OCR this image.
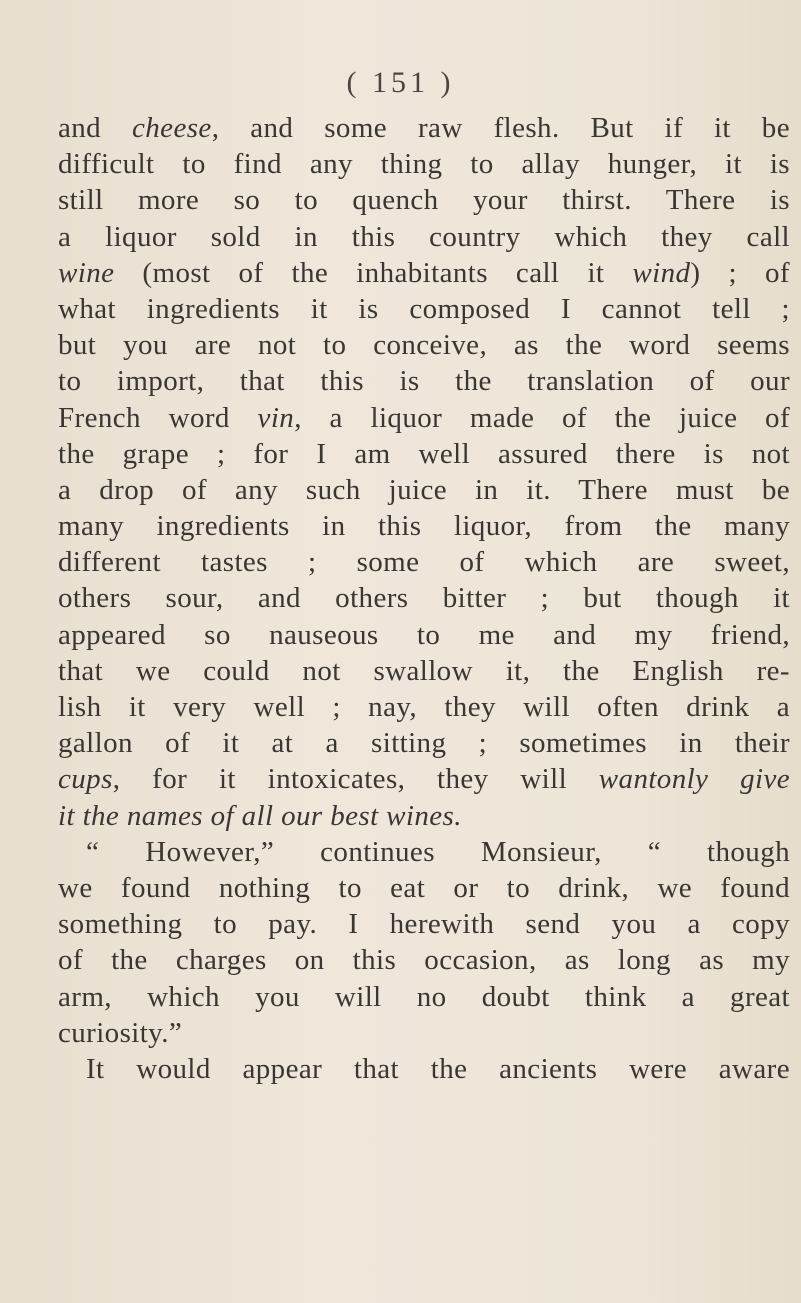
( 151 )
and cheese, and some raw flesh. But if it be
difficult to find any thing to allay hunger, it is
still more so to quench your thirst. There is
a liquor sold in this country which they call
wine (most of the inhabitants call it wind) ; of
what ingredients it is composed I cannot tell ;
but you are not to conceive, as the word seems
to import, that this is the translation of our
French word vin, a liquor made of the juice of
the grape ; for I am well assured there is not
a drop of any such juice in it. There must be
many ingredients in this liquor, from the many
different tastes ; some of which are sweet,
others sour, and others bitter ; but though it
appeared so nauseous to me and my friend,
that we could not swallow it, the English re-
lish it very well ; nay, they will often drink a
gallon of it at a sitting ; sometimes in their
cups, for it intoxicates, they will wantonly give
it the names of all our best wines.
“ However,” continues Monsieur, “ though
we found nothing to eat or to drink, we found
something to pay. I herewith send you a copy
of the charges on this occasion, as long as my
arm, which you will no doubt think a great
curiosity.”
It would appear that the ancients were aware
